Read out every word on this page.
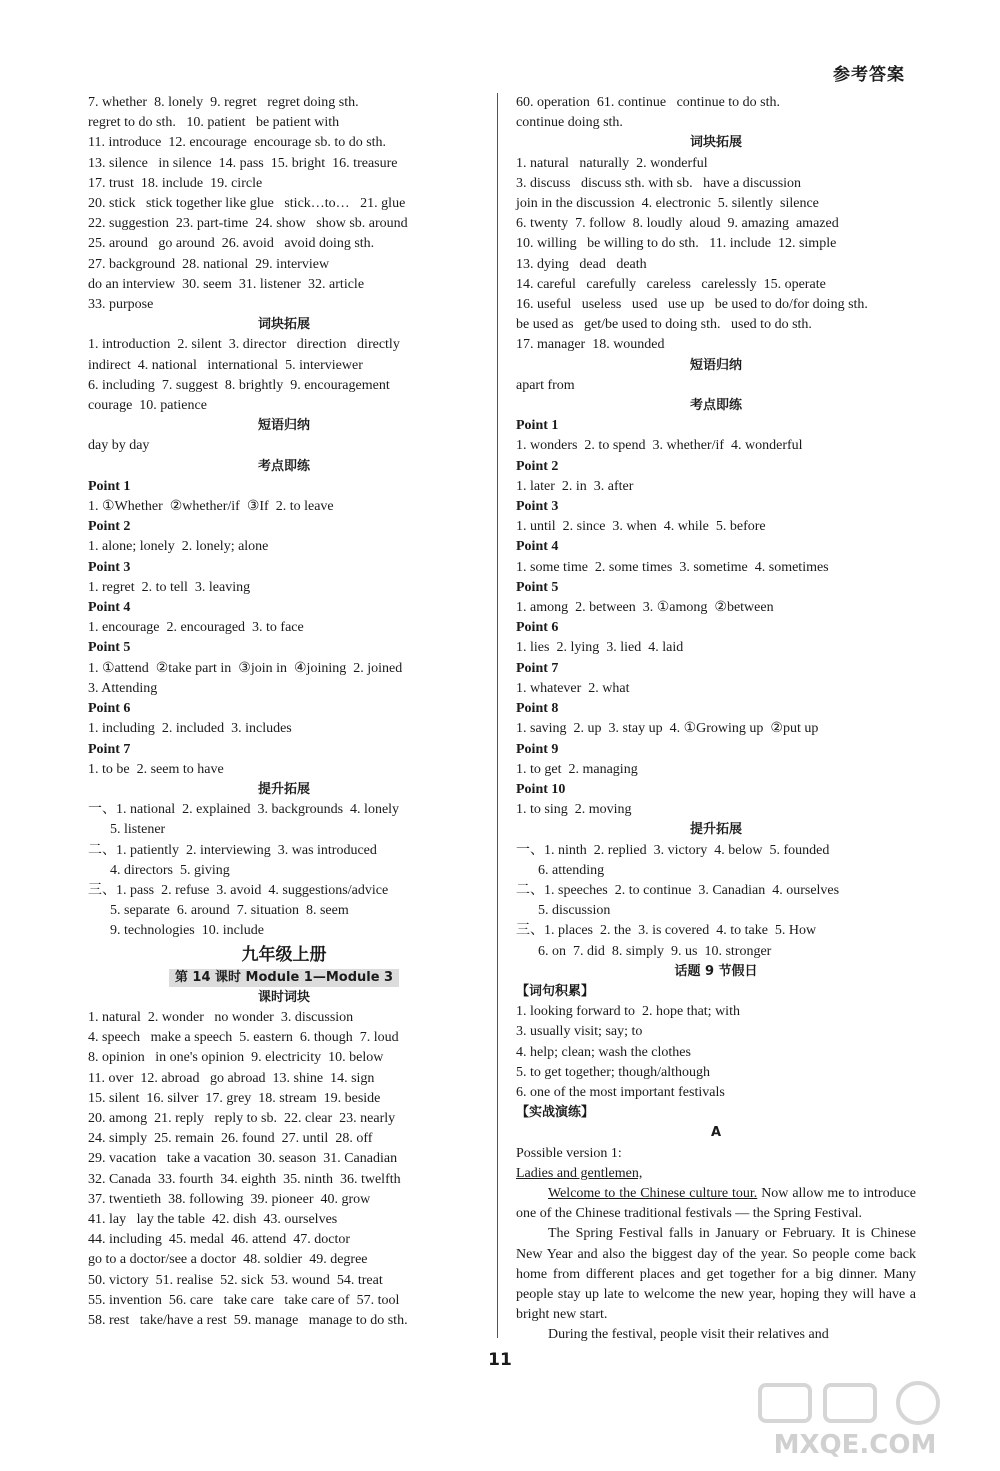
参考答案
7. whether  8. lonely  9. regret   regret doing sth.
regret to do sth.   10. patient   be patient with
11. introduce  12. encourage  encourage sb. to do sth.
13. silence   in silence  14. pass  15. bright  16. treasure
17. trust  18. include  19. circle
20. stick   stick together like glue   stick…to…   21. glue
22. suggestion  23. part-time  24. show   show sb. around
25. around   go around  26. avoid   avoid doing sth.
27. background  28. national  29. interview
do an interview  30. seem  31. listener  32. article
33. purpose
词块拓展
1. introduction  2. silent  3. director   direction   directly
indirect  4. national   international  5. interviewer
6. including  7. suggest  8. brightly  9. encouragement
courage  10. patience
短语归纳
day by day
考点即练
Point 1
1. ①Whether  ②whether/if  ③If  2. to leave
Point 2
1. alone; lonely  2. lonely; alone
Point 3
1. regret  2. to tell  3. leaving
Point 4
1. encourage  2. encouraged  3. to face
Point 5
1. ①attend  ②take part in  ③join in  ④joining  2. joined
3. Attending
Point 6
1. including  2. included  3. includes
Point 7
1. to be  2. seem to have
提升拓展
一、1. national  2. explained  3. backgrounds  4. lonely
5. listener
二、1. patiently  2. interviewing  3. was introduced
4. directors  5. giving
三、1. pass  2. refuse  3. avoid  4. suggestions/advice
5. separate  6. around  7. situation  8. seem
9. technologies  10. include
九年级上册
第 14 课时 Module 1—Module 3
课时词块
1. natural  2. wonder   no wonder  3. discussion
4. speech   make a speech  5. eastern  6. though  7. loud
8. opinion   in one's opinion  9. electricity  10. below
11. over  12. abroad   go abroad  13. shine  14. sign
15. silent  16. silver  17. grey  18. stream  19. beside
20. among  21. reply   reply to sb.  22. clear  23. nearly
24. simply  25. remain  26. found  27. until  28. off
29. vacation   take a vacation  30. season  31. Canadian
32. Canada  33. fourth  34. eighth  35. ninth  36. twelfth
37. twentieth  38. following  39. pioneer  40. grow
41. lay   lay the table  42. dish  43. ourselves
44. including  45. medal  46. attend  47. doctor
go to a doctor/see a doctor  48. soldier  49. degree
50. victory  51. realise  52. sick  53. wound  54. treat
55. invention  56. care   take care   take care of  57. tool
58. rest   take/have a rest  59. manage   manage to do sth.
60. operation  61. continue   continue to do sth.
continue doing sth.
词块拓展
1. natural   naturally  2. wonderful
3. discuss   discuss sth. with sb.   have a discussion
join in the discussion  4. electronic  5. silently  silence
6. twenty  7. follow  8. loudly  aloud  9. amazing  amazed
10. willing   be willing to do sth.   11. include  12. simple
13. dying   dead   death
14. careful   carefully   careless   carelessly  15. operate
16. useful   useless   used   use up   be used to do/for doing sth.
be used as   get/be used to doing sth.   used to do sth.
17. manager  18. wounded
短语归纳
apart from
考点即练
Point 1
1. wonders  2. to spend  3. whether/if  4. wonderful
Point 2
1. later  2. in  3. after
Point 3
1. until  2. since  3. when  4. while  5. before
Point 4
1. some time  2. some times  3. sometime  4. sometimes
Point 5
1. among  2. between  3. ①among  ②between
Point 6
1. lies  2. lying  3. lied  4. laid
Point 7
1. whatever  2. what
Point 8
1. saving  2. up  3. stay up  4. ①Growing up  ②put up
Point 9
1. to get  2. managing
Point 10
1. to sing  2. moving
提升拓展
一、1. ninth  2. replied  3. victory  4. below  5. founded
6. attending
二、1. speeches  2. to continue  3. Canadian  4. ourselves
5. discussion
三、1. places  2. the  3. is covered  4. to take  5. How
6. on  7. did  8. simply  9. us  10. stronger
话题 9 节假日
【词句积累】
1. looking forward to  2. hope that; with
3. usually visit; say; to
4. help; clean; wash the clothes
5. to get together; though/although
6. one of the most important festivals
【实战演练】
A
Possible version 1:
Ladies and gentlemen,
Welcome to the Chinese culture tour. Now allow me to introduce one of the Chinese traditional festivals — the Spring Festival.
The Spring Festival falls in January or February. It is Chinese New Year and also the biggest day of the year. So people come back home from different places and get together for a big dinner. Many people stay up late to welcome the new year, hoping they will have a bright new start.
During the festival, people visit their relatives and
11
MXQE.COM
